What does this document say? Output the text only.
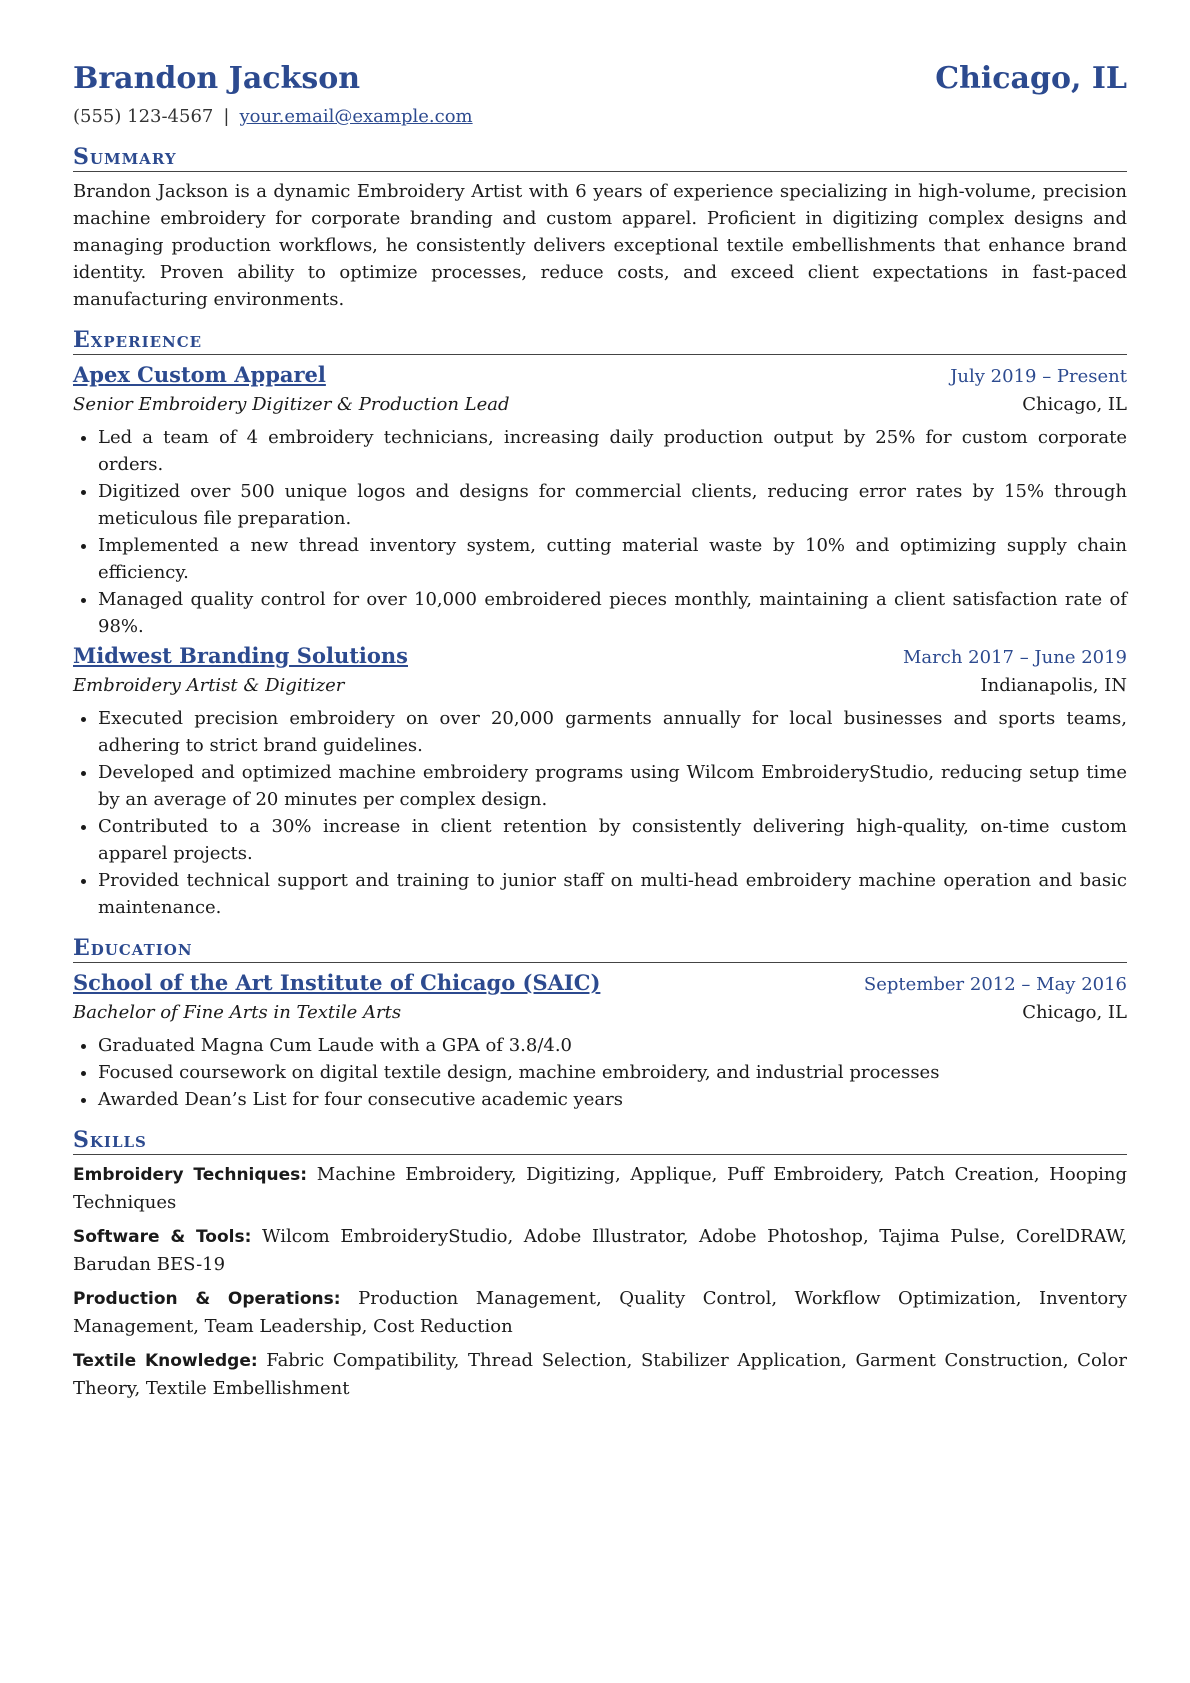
Brandon Jackson	Chicago, IL
(555) 123-4567 | your.email@example.com
Summary
Brandon Jackson is a dynamic Embroidery Artist with 6 years of experience specializing in high-volume, precision machine embroidery for corporate branding and custom apparel. Proficient in digitizing complex designs and managing production workflows, he consistently delivers exceptional textile embellishments that enhance brand identity. Proven ability to optimize processes, reduce costs, and exceed client expectations in fast-paced manufacturing environments.
Experience
Apex Custom Apparel	July 2019 – Present
Senior Embroidery Digitizer & Production Lead	Chicago, IL
• Led a team of 4 embroidery technicians, increasing daily production output by 25% for custom corporate orders.
• Digitized over 500 unique logos and designs for commercial clients, reducing error rates by 15% through meticulous file preparation.
• Implemented a new thread inventory system, cutting material waste by 10% and optimizing supply chain efficiency.
• Managed quality control for over 10,000 embroidered pieces monthly, maintaining a client satisfaction rate of 98%.
Midwest Branding Solutions	March 2017 – June 2019
Embroidery Artist & Digitizer	Indianapolis, IN
• Executed precision embroidery on over 20,000 garments annually for local businesses and sports teams, adhering to strict brand guidelines.
• Developed and optimized machine embroidery programs using Wilcom EmbroideryStudio, reducing setup time by an average of 20 minutes per complex design.
• Contributed to a 30% increase in client retention by consistently delivering high-quality, on-time custom apparel projects.
• Provided technical support and training to junior staff on multi-head embroidery machine operation and basic maintenance.
Education
School of the Art Institute of Chicago (SAIC)	September 2012 – May 2016
Bachelor of Fine Arts in Textile Arts	Chicago, IL
• Graduated Magna Cum Laude with a GPA of 3.8/4.0
• Focused coursework on digital textile design, machine embroidery, and industrial processes
• Awarded Dean’s List for four consecutive academic years
Skills
Embroidery Techniques: Machine Embroidery, Digitizing, Applique, Puff Embroidery, Patch Creation, Hooping Techniques
Software & Tools: Wilcom EmbroideryStudio, Adobe Illustrator, Adobe Photoshop, Tajima Pulse, CorelDRAW, Barudan BES-19
Production & Operations: Production Management, Quality Control, Workflow Optimization, Inventory Management, Team Leadership, Cost Reduction
Textile Knowledge: Fabric Compatibility, Thread Selection, Stabilizer Application, Garment Construction, Color Theory, Textile Embellishment
